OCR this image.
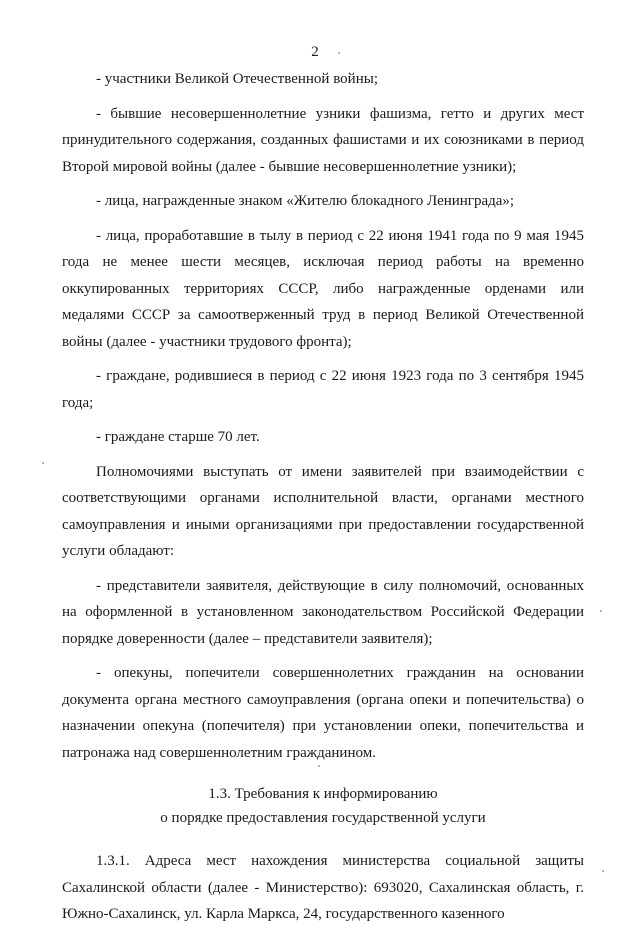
2

- участники Великой Отечественной войны;

- бывшие несовершеннолетние узники фашизма, гетто и других мест принудительного содержания, созданных фашистами и их союзниками в период Второй мировой войны (далее - бывшие несовершеннолетние узники);

- лица, награжденные знаком «Жителю блокадного Ленинграда»;

- лица, проработавшие в тылу в период с 22 июня 1941 года по 9 мая 1945 года не менее шести месяцев, исключая период работы на временно оккупированных территориях СССР, либо награжденные орденами или медалями СССР за самоотверженный труд в период Великой Отечественной войны (далее - участники трудового фронта);

- граждане, родившиеся в период с 22 июня 1923 года по 3 сентября 1945 года;

- граждане старше 70 лет.

Полномочиями выступать от имени заявителей при взаимодействии с соответствующими органами исполнительной власти, органами местного самоуправления и иными организациями при предоставлении государственной услуги обладают:

- представители заявителя, действующие в силу полномочий, основанных на оформленной в установленном законодательством Российской Федерации порядке доверенности (далее – представители заявителя);

- опекуны, попечители совершеннолетних гражданин на основании документа органа местного самоуправления (органа опеки и попечительства) о назначении опекуна (попечителя) при установлении опеки, попечительства и патронажа над совершеннолетним гражданином.

1.3. Требования к информированию
о порядке предоставления государственной услуги

1.3.1. Адреса мест нахождения министерства социальной защиты Сахалинской области (далее - Министерство): 693020, Сахалинская область, г. Южно-Сахалинск, ул. Карла Маркса, 24, государственного казенного
